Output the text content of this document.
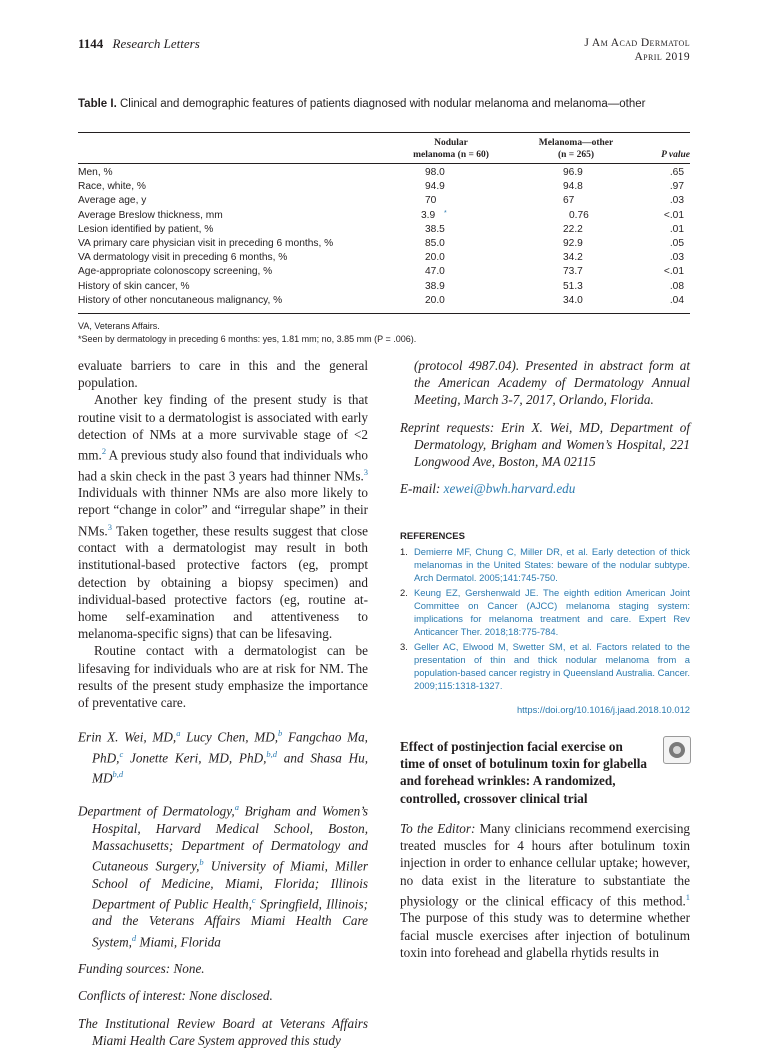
1144 Research Letters	J Am Acad Dermatol
April 2019
Table I. Clinical and demographic features of patients diagnosed with nodular melanoma and melanoma—other
Nodular
melanoma (n = 60)
Melanoma—other
(n = 265)	P value
Men, %	98.0	96.9	.65
Race, white, %	94.9	94.8	.97
Average age, y	70	67	.03
Average Breslow thickness, mm	3.9 *	0.76	<.01
Lesion identified by patient, %	38.5	22.2	.01
VA primary care physician visit in preceding 6 months, %	85.0	92.9	.05
VA dermatology visit in preceding 6 months, %	20.0	34.2	.03
Age-appropriate colonoscopy screening, %	47.0	73.7	<.01
History of skin cancer, %	38.9	51.3	.08
History of other noncutaneous malignancy, %	20.0	34.0	.04
VA, Veterans Affairs.
*Seen by dermatology in preceding 6 months: yes, 1.81 mm; no, 3.85 mm (P = .006).

evaluate barriers to care in this and the general population.

Another key finding of the present study is that routine visit to a dermatologist is associated with early detection of NMs at a more survivable stage of <2 mm.$^2$ A previous study also found that individuals who had a skin check in the past 3 years had thinner NMs.$^3$ Individuals with thinner NMs are also more likely to report “change in color” and “irregular shape” in their NMs.$^3$ Taken together, these results suggest that close contact with a dermatologist may result in both institutional-based protective factors (eg, prompt detection by obtaining a biopsy specimen) and individual-based protective factors (eg, routine at-home self-examination and attentiveness to melanoma-specific signs) that can be lifesaving.

Routine contact with a dermatologist can be lifesaving for individuals who are at risk for NM. The results of the present study emphasize the importance of preventative care.

Erin X. Wei, MD,$^a$ Lucy Chen, MD,$^b$ Fangchao Ma, PhD,$^c$ Jonette Keri, MD, PhD,$^{b,d}$ and Shasa Hu, MD$^{b,d}$

Department of Dermatology,$^a$ Brigham and Women’s Hospital, Harvard Medical School, Boston, Massachusetts; Department of Dermatology and Cutaneous Surgery,$^b$ University of Miami, Miller School of Medicine, Miami, Florida; Illinois Department of Public Health,$^c$ Springfield, Illinois; and the Veterans Affairs Miami Health Care System,$^d$ Miami, Florida

Funding sources: None.

Conflicts of interest: None disclosed.

The Institutional Review Board at Veterans Affairs Miami Health Care System approved this study

(protocol 4987.04). Presented in abstract form at the American Academy of Dermatology Annual Meeting, March 3-7, 2017, Orlando, Florida.

Reprint requests: Erin X. Wei, MD, Department of Dermatology, Brigham and Women’s Hospital, 221 Longwood Ave, Boston, MA 02115

E-mail: xewei@bwh.harvard.edu

REFERENCES
1. Demierre MF, Chung C, Miller DR, et al. Early detection of thick melanomas in the United States: beware of the nodular subtype. Arch Dermatol. 2005;141:745-750.
2. Keung EZ, Gershenwald JE. The eighth edition American Joint Committee on Cancer (AJCC) melanoma staging system: implications for melanoma treatment and care. Expert Rev Anticancer Ther. 2018;18:775-784.
3. Geller AC, Elwood M, Swetter SM, et al. Factors related to the presentation of thin and thick nodular melanoma from a population-based cancer registry in Queensland Australia. Cancer. 2009;115:1318-1327.
https://doi.org/10.1016/j.jaad.2018.10.012
Effect of postinjection facial exercise on time of onset of botulinum toxin for glabella and forehead wrinkles: A randomized, controlled, crossover clinical trial

To the Editor: Many clinicians recommend exercising treated muscles for 4 hours after botulinum toxin injection in order to enhance cellular uptake; however, no data exist in the literature to substantiate the physiology or the clinical efficacy of this method.$^1$ The purpose of this study was to determine whether facial muscle exercises after injection of botulinum toxin into forehead and glabella rhytids results in
